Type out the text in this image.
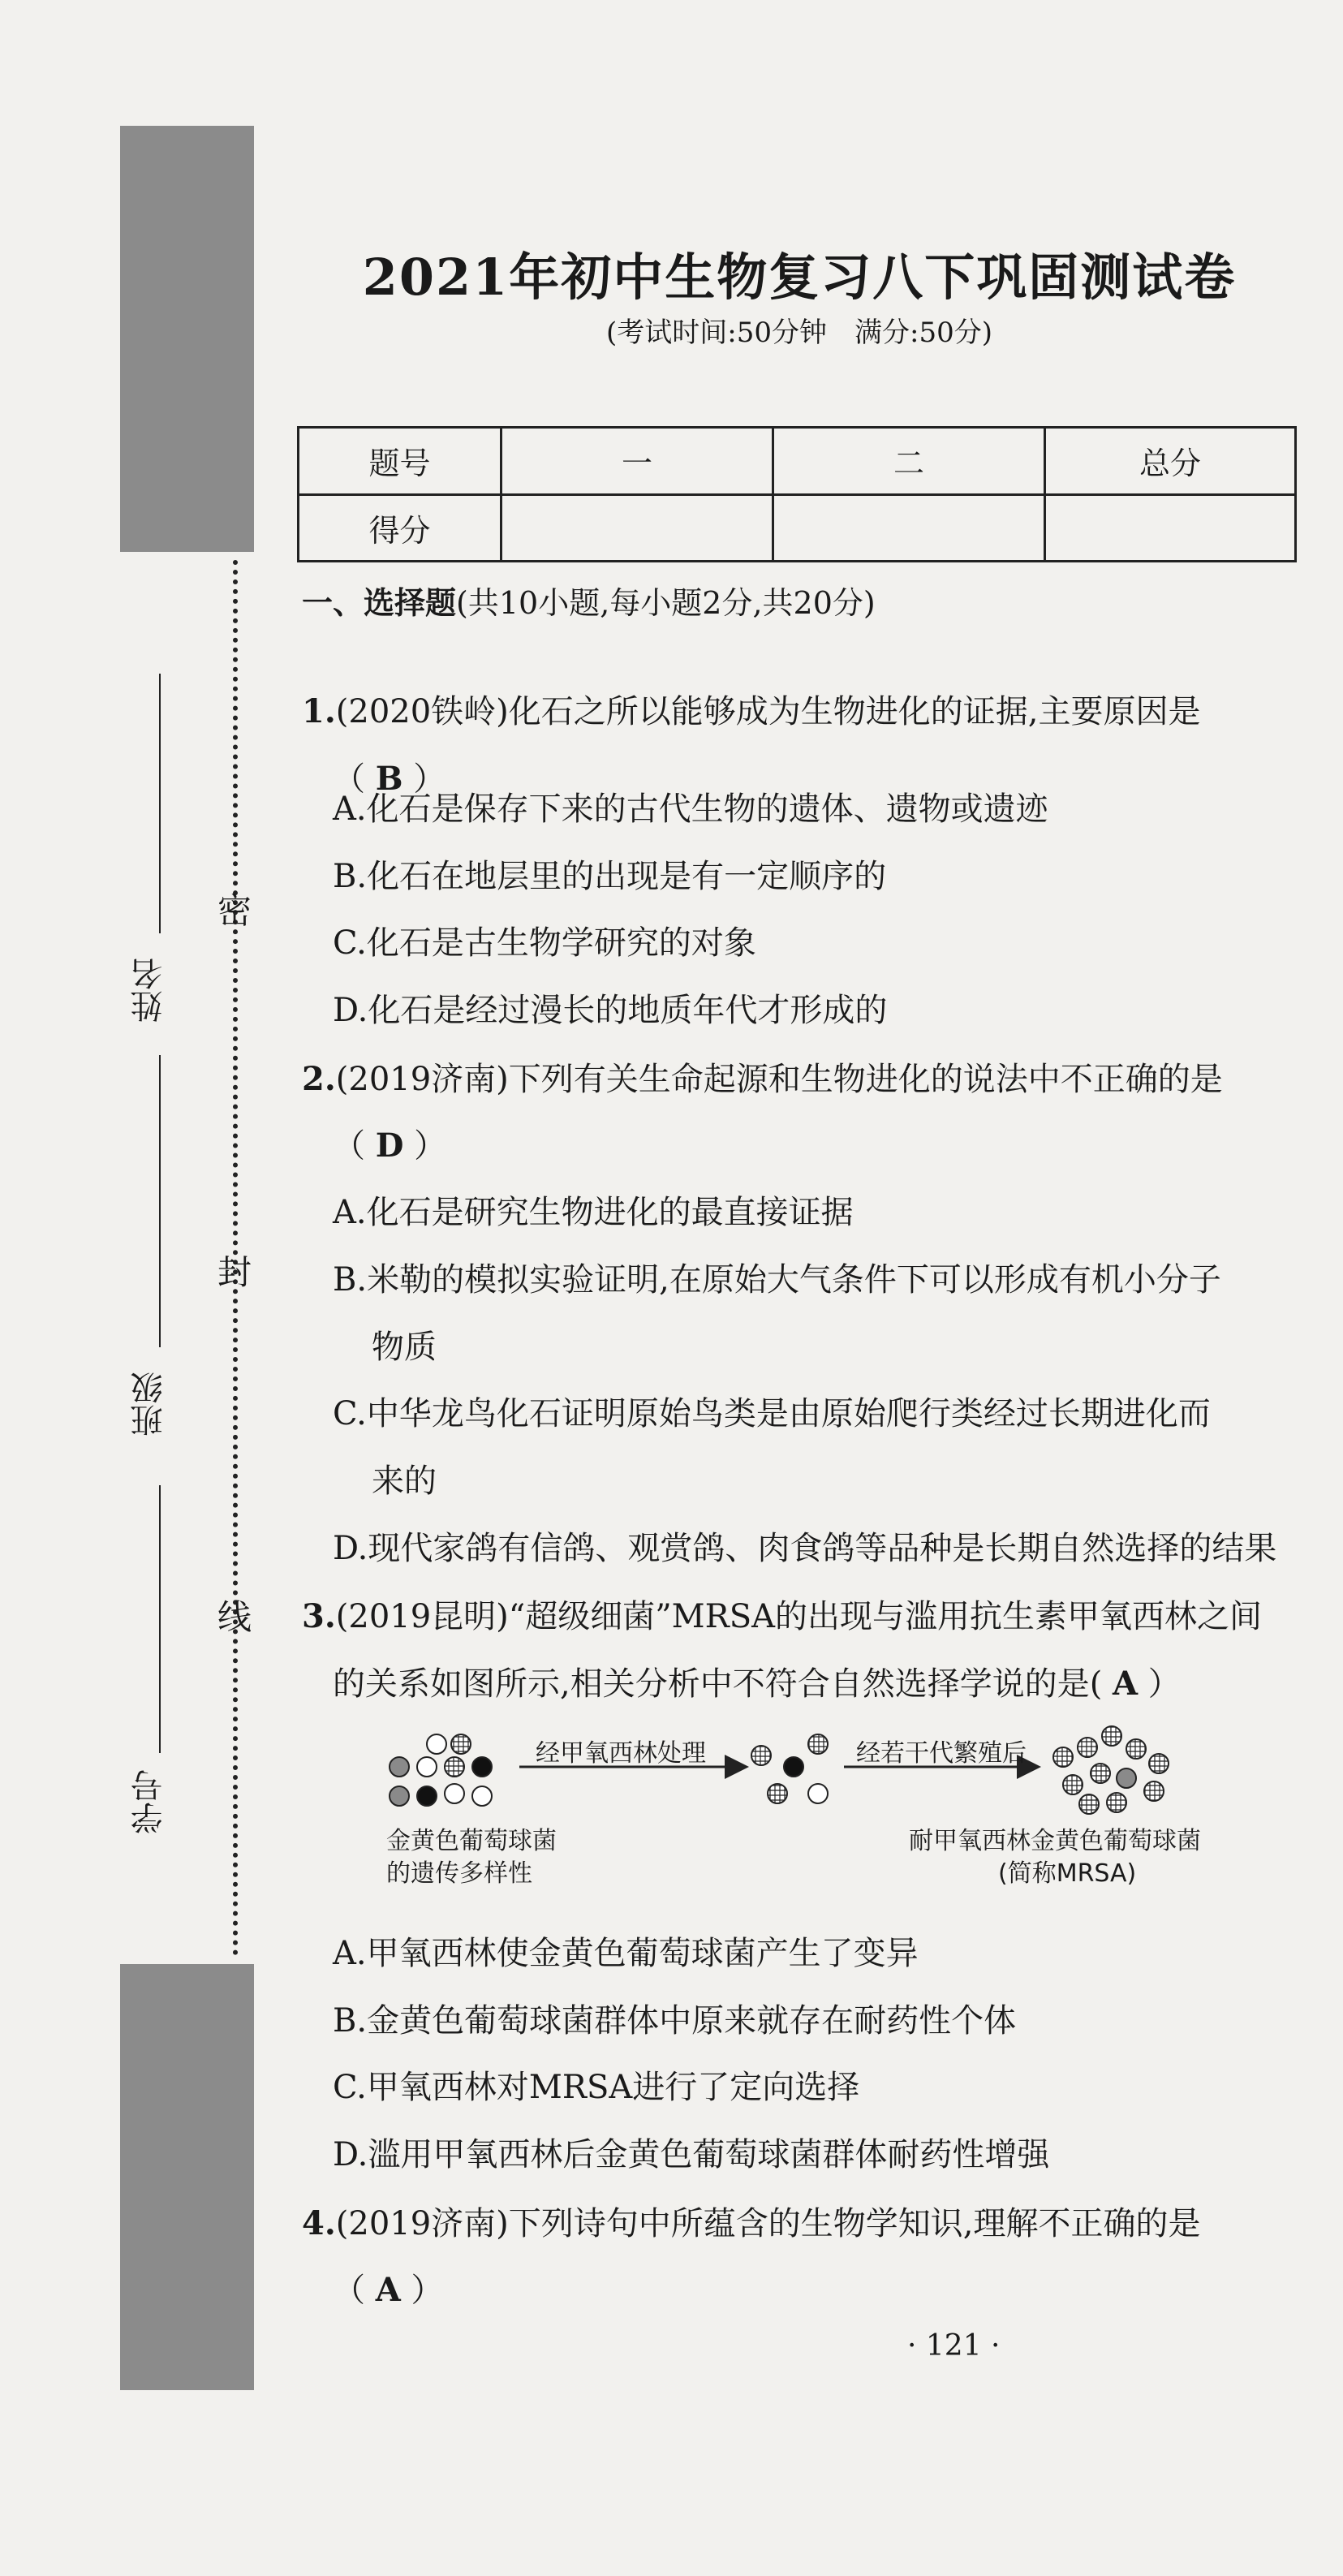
姓名
班级
学号
密
封
线
2021年初中生物复习八下巩固测试卷
(考试时间:50分钟　满分:50分)
题号	一	二	总分
得分			
一、选择题(共10小题,每小题2分,共20分)
1.(2020铁岭)化石之所以能够成为生物进化的证据,主要原因是
（ B ）
A.化石是保存下来的古代生物的遗体、遗物或遗迹
B.化石在地层里的出现是有一定顺序的
C.化石是古生物学研究的对象
D.化石是经过漫长的地质年代才形成的
2.(2019济南)下列有关生命起源和生物进化的说法中不正确的是
（ D ）
A.化石是研究生物进化的最直接证据
B.米勒的模拟实验证明,在原始大气条件下可以形成有机小分子
物质
C.中华龙鸟化石证明原始鸟类是由原始爬行类经过长期进化而
来的
D.现代家鸽有信鸽、观赏鸽、肉食鸽等品种是长期自然选择的结果
3.(2019昆明)“超级细菌”MRSA的出现与滥用抗生素甲氧西林之间
的关系如图所示,相关分析中不符合自然选择学说的是( A ）
经甲氧西林处理	经若干代繁殖后
金黄色葡萄球菌
的遗传多样性
耐甲氧西林金黄色葡萄球菌
(简称MRSA)
A.甲氧西林使金黄色葡萄球菌产生了变异
B.金黄色葡萄球菌群体中原来就存在耐药性个体
C.甲氧西林对MRSA进行了定向选择
D.滥用甲氧西林后金黄色葡萄球菌群体耐药性增强
4.(2019济南)下列诗句中所蕴含的生物学知识,理解不正确的是
（ A ）
· 121 ·
